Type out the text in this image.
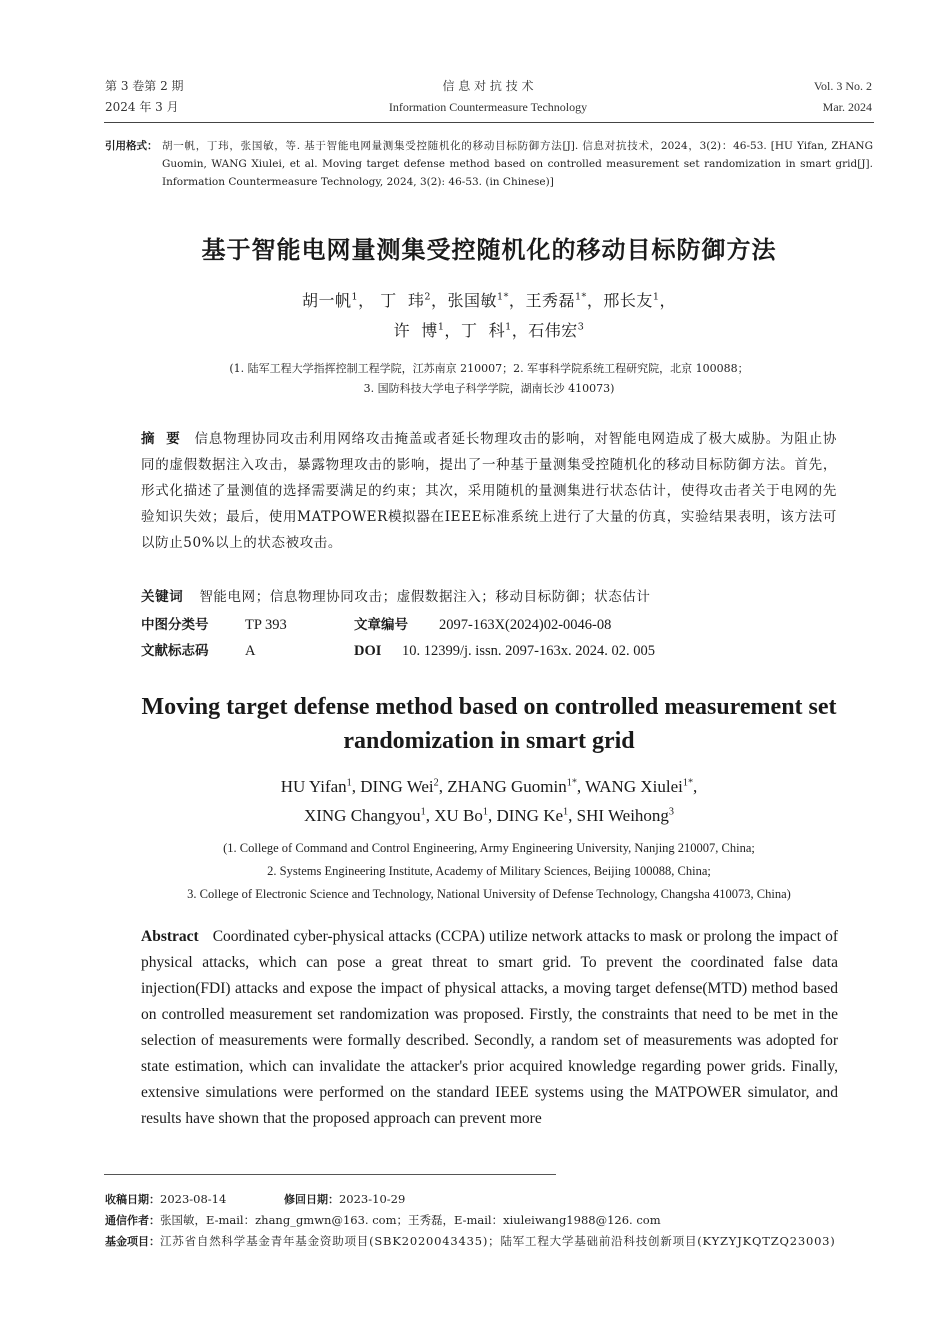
第 3 卷第 2 期
2024 年 3 月
信 息 对 抗 技 术
Information Countermeasure Technology
Vol. 3 No. 2
Mar. 2024
引用格式： 胡一帆，丁玮，张国敏，等. 基于智能电网量测集受控随机化的移动目标防御方法[J]. 信息对抗技术，2024，3(2)：46-53. [HU Yifan, ZHANG Guomin, WANG Xiulei, et al. Moving target defense method based on controlled measurement set randomization in smart grid[J]. Information Countermeasure Technology, 2024, 3(2): 46-53. (in Chinese)]
基于智能电网量测集受控随机化的移动目标防御方法
胡一帆$^1$， 丁  玮$^2$，张国敏$^{1*}$，王秀磊$^{1*}$，邢长友$^1$，
许  博$^1$，丁  科$^1$，石伟宏$^3$
(1. 陆军工程大学指挥控制工程学院，江苏南京 210007；2. 军事科学院系统工程研究院，北京 100088；
3. 国防科技大学电子科学学院，湖南长沙 410073)
摘  要 信息物理协同攻击利用网络攻击掩盖或者延长物理攻击的影响，对智能电网造成了极大威胁。为阻止协同的虚假数据注入攻击，暴露物理攻击的影响，提出了一种基于量测集受控随机化的移动目标防御方法。首先，形式化描述了量测值的选择需要满足的约束；其次，采用随机的量测集进行状态估计，使得攻击者关于电网的先验知识失效；最后，使用MATPOWER模拟器在IEEE标准系统上进行了大量的仿真，实验结果表明，该方法可以防止50%以上的状态被攻击。
关键词 智能电网；信息物理协同攻击；虚假数据注入；移动目标防御；状态估计
中图分类号	TP 393	文章编号 2097-163X(2024)02-0046-08
文献标志码	A	DOI 10. 12399/j. issn. 2097-163x. 2024. 02. 005
Moving target defense method based on controlled measurement set randomization in smart grid
HU Yifan$^1$, DING Wei$^2$, ZHANG Guomin$^{1*}$, WANG Xiulei$^{1*}$,
XING Changyou$^1$, XU Bo$^1$, DING Ke$^1$, SHI Weihong$^3$
(1. College of Command and Control Engineering, Army Engineering University, Nanjing 210007, China;
2. Systems Engineering Institute, Academy of Military Sciences, Beijing 100088, China;
3. College of Electronic Science and Technology, National University of Defense Technology, Changsha 410073, China)
Abstract Coordinated cyber-physical attacks (CCPA) utilize network attacks to mask or prolong the impact of physical attacks, which can pose a great threat to smart grid. To prevent the coordinated false data injection(FDI) attacks and expose the impact of physical attacks, a moving target defense(MTD) method based on controlled measurement set randomization was proposed. Firstly, the constraints that need to be met in the selection of measurements were formally described. Secondly, a random set of measurements was adopted for state estimation, which can invalidate the attacker's prior acquired knowledge regarding power grids. Finally, extensive simulations were performed on the standard IEEE systems using the MATPOWER simulator, and results have shown that the proposed approach can prevent more
收稿日期：2023-08-14	修回日期：2023-10-29
通信作者：张国敏，E-mail：zhang_gmwn@163. com；王秀磊，E-mail：xiuleiwang1988@126. com
基金项目： 江苏省自然科学基金青年基金资助项目(SBK2020043435)；陆军工程大学基础前沿科技创新项目(KYZYJKQTZQ23003)
